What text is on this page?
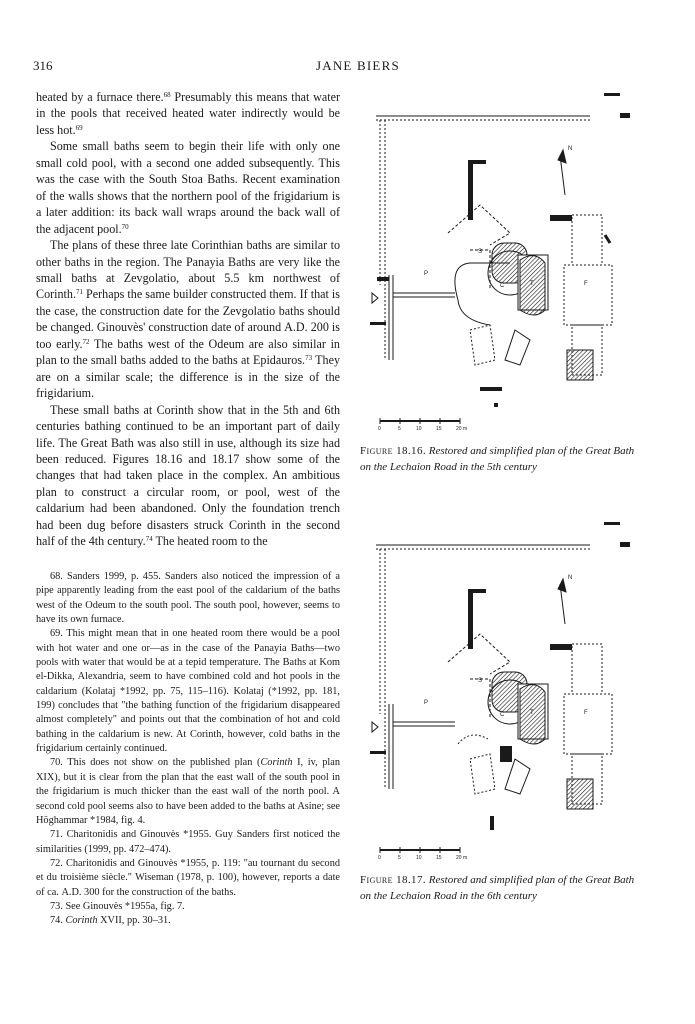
316	JANE BIERS

heated by a furnace there.$^{68}$ Presumably this means that water in the pools that received heated water indirectly would be less hot.$^{69}$

Some small baths seem to begin their life with only one small cold pool, with a second one added subsequently. This was the case with the South Stoa Baths. Recent examination of the walls shows that the northern pool of the frigidarium is a later addition: its back wall wraps around the back wall of the adjacent pool.$^{70}$

The plans of these three late Corinthian baths are similar to other baths in the region. The Panayia Baths are very like the small baths at Zevgolatio, about 5.5 km northwest of Corinth.$^{71}$ Perhaps the same builder constructed them. If that is the case, the construction date for the Zevgolatio baths should be changed. Ginouvès' construction date of around A.D. 200 is too early.$^{72}$ The baths west of the Odeum are also similar in plan to the small baths added to the baths at Epidauros.$^{73}$ They are on a similar scale; the difference is in the size of the frigidarium.

These small baths at Corinth show that in the 5th and 6th centuries bathing continued to be an important part of daily life. The Great Bath was also still in use, although its size had been reduced. Figures 18.16 and 18.17 show some of the changes that had taken place in the complex. An ambitious plan to construct a circular room, or pool, west of the caldarium had been abandoned. Only the foundation trench had been dug before disasters struck Corinth in the second half of the 4th century.$^{74}$ The heated room to the

68. Sanders 1999, p. 455. Sanders also noticed the impression of a pipe apparently leading from the east pool of the caldarium of the baths west of the Odeum to the south pool. The south pool, however, seems to have its own furnace.

69. This might mean that in one heated room there would be a pool with hot water and one or—as in the case of the Panayia Baths—two pools with water that would be at a tepid temperature. The Baths at Kom el-Dikka, Alexandria, seem to have combined cold and hot pools in the caldarium (Kolataj *1992, pp. 75, 115–116). Kolataj (*1992, pp. 181, 199) concludes that "the bathing function of the frigidarium disappeared almost completely" and points out that the combination of hot and cold bathing in the caldarium is new. At Corinth, however, cold baths in the frigidarium certainly continued.

70. This does not show on the published plan (Corinth I, iv, plan XIX), but it is clear from the plan that the east wall of the south pool in the frigidarium is much thicker than the east wall of the north pool. A second cold pool seems also to have been added to the baths at Asine; see Höghammar *1984, fig. 4.

71. Charitonidis and Ginouvès *1955. Guy Sanders first noticed the similarities (1999, pp. 472–474).

72. Charitonidis and Ginouvès *1955, p. 119: "au tournant du second et du troisième siècle." Wiseman (1978, p. 100), however, reports a date of ca. A.D. 300 for the construction of the baths.

73. See Ginouvès *1955a, fig. 7.

74. Corinth XVII, pp. 30–31.

N
P
S
C	T	F
0	5	10	15	20 m
Figure 18.16. Restored and simplified plan of the Great Bath on the Lechaion Road in the 5th century
N
P
S
C	T	F
0	5	10	15	20 m
Figure 18.17. Restored and simplified plan of the Great Bath on the Lechaion Road in the 6th century
